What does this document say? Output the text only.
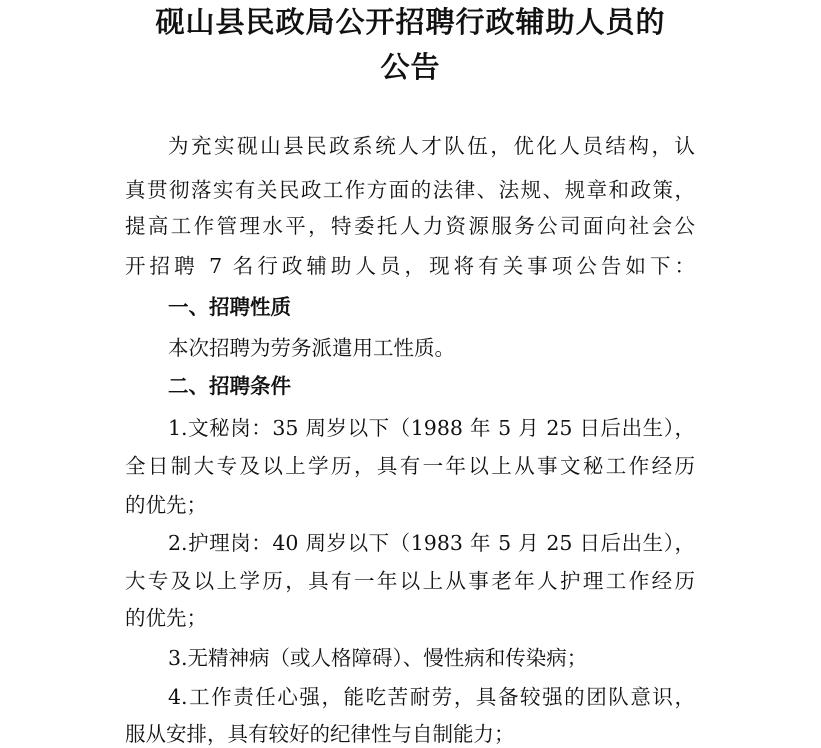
砚山县民政局公开招聘行政辅助人员的
公告
为充实砚山县民政系统人才队伍，优化人员结构，认
真贯彻落实有关民政工作方面的法律、法规、规章和政策，
提高工作管理水平，特委托人力资源服务公司面向社会公
开招聘 7 名行政辅助人员，现将有关事项公告如下：
一、招聘性质
本次招聘为劳务派遣用工性质。
二、招聘条件
1.文秘岗：35 周岁以下（1988 年 5 月 25 日后出生），
全日制大专及以上学历，具有一年以上从事文秘工作经历
的优先；
2.护理岗：40 周岁以下（1983 年 5 月 25 日后出生），
大专及以上学历，具有一年以上从事老年人护理工作经历
的优先；
3.无精神病（或人格障碍）、慢性病和传染病；
4.工作责任心强，能吃苦耐劳，具备较强的团队意识，
服从安排，具有较好的纪律性与自制能力；
